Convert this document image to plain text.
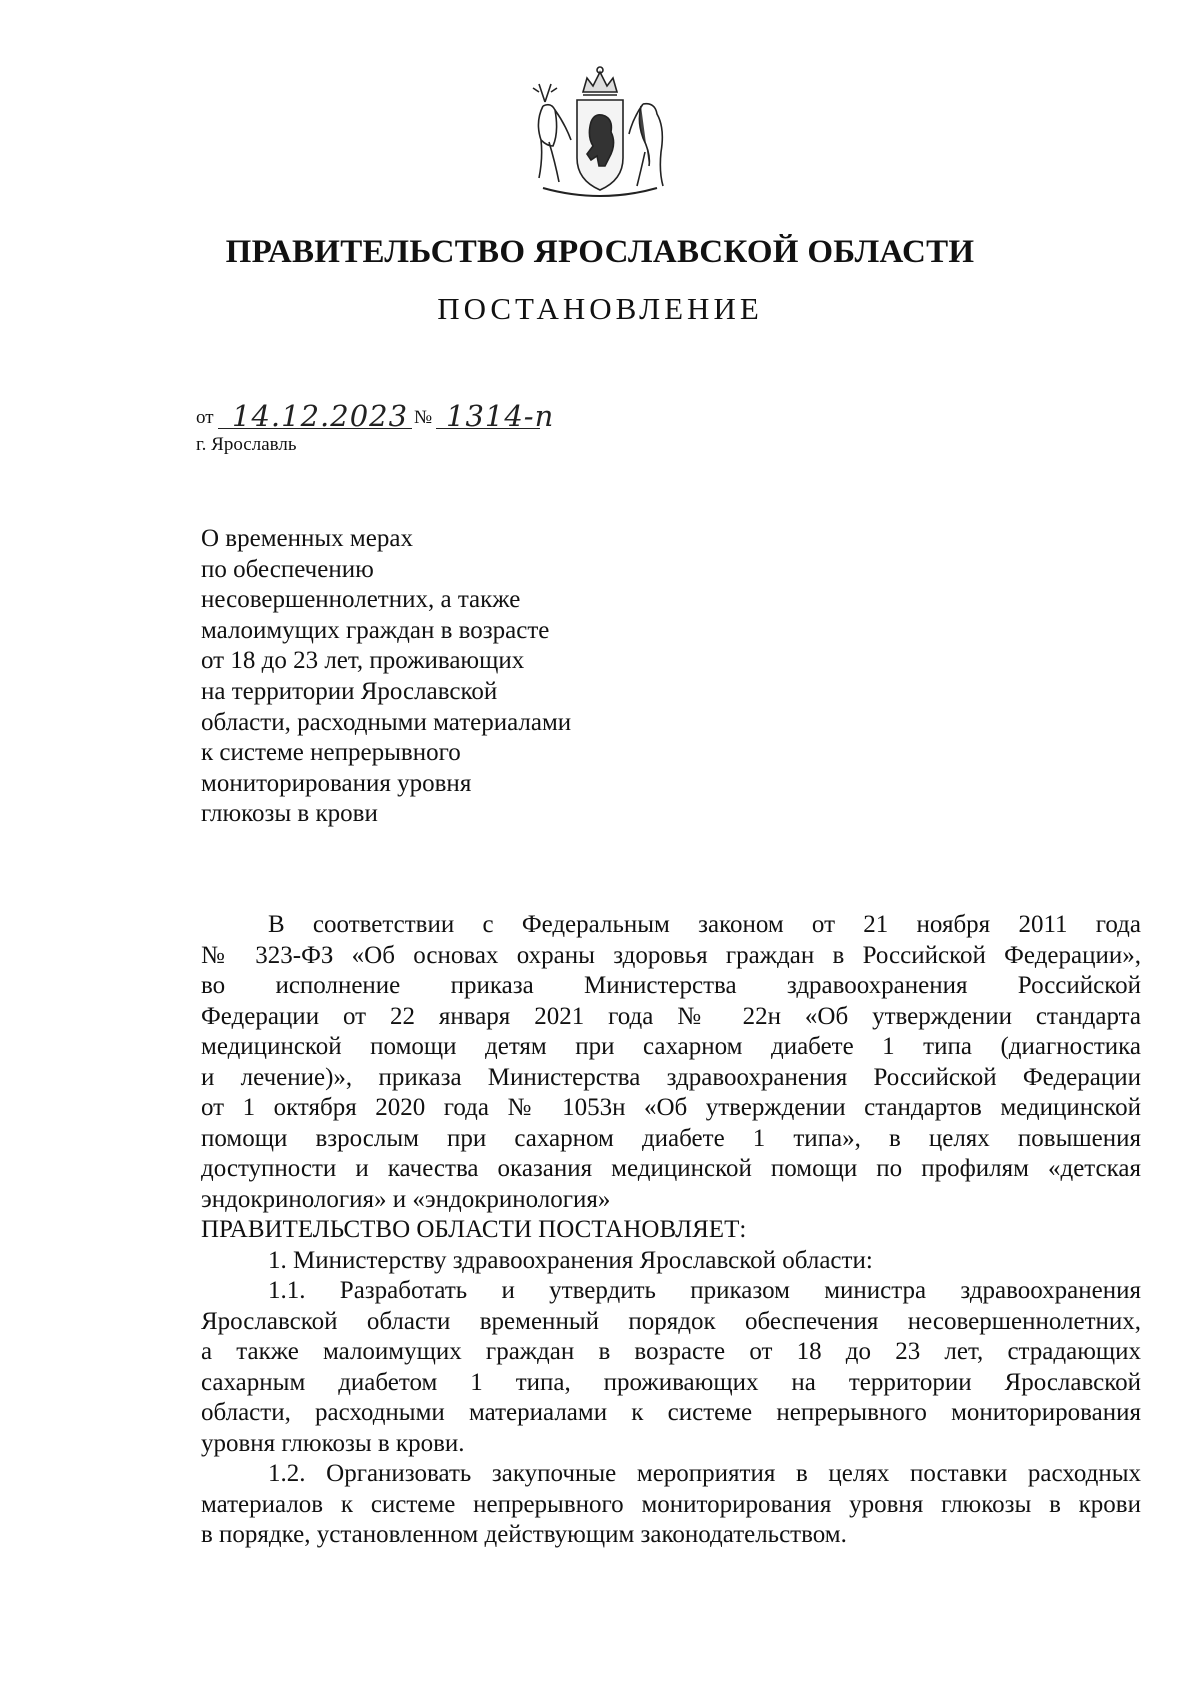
ПРАВИТЕЛЬСТВО ЯРОСЛАВСКОЙ ОБЛАСТИ
ПОСТАНОВЛЕНИЕ
от 14.12.2023 № 1314-п
г. Ярославль
О временных мерах
по обеспечению
несовершеннолетних, а также
малоимущих граждан в возрасте
от 18 до 23 лет, проживающих
на территории Ярославской
области, расходными материалами
к системе непрерывного
мониторирования уровня
глюкозы в крови
В соответствии с Федеральным законом от 21 ноября 2011 года
№ 323-ФЗ «Об основах охраны здоровья граждан в Российской Федерации»,
во исполнение приказа Министерства здравоохранения Российской
Федерации от 22 января 2021 года № 22н «Об утверждении стандарта
медицинской помощи детям при сахарном диабете 1 типа (диагностика
и лечение)», приказа Министерства здравоохранения Российской Федерации
от 1 октября 2020 года № 1053н «Об утверждении стандартов медицинской
помощи взрослым при сахарном диабете 1 типа», в целях повышения
доступности и качества оказания медицинской помощи по профилям «детская
эндокринология» и «эндокринология»
ПРАВИТЕЛЬСТВО ОБЛАСТИ ПОСТАНОВЛЯЕТ:
1. Министерству здравоохранения Ярославской области:
1.1. Разработать и утвердить приказом министра здравоохранения
Ярославской области временный порядок обеспечения несовершеннолетних,
а также малоимущих граждан в возрасте от 18 до 23 лет, страдающих
сахарным диабетом 1 типа, проживающих на территории Ярославской
области, расходными материалами к системе непрерывного мониторирования
уровня глюкозы в крови.
1.2. Организовать закупочные мероприятия в целях поставки расходных
материалов к системе непрерывного мониторирования уровня глюкозы в крови
в порядке, установленном действующим законодательством.
